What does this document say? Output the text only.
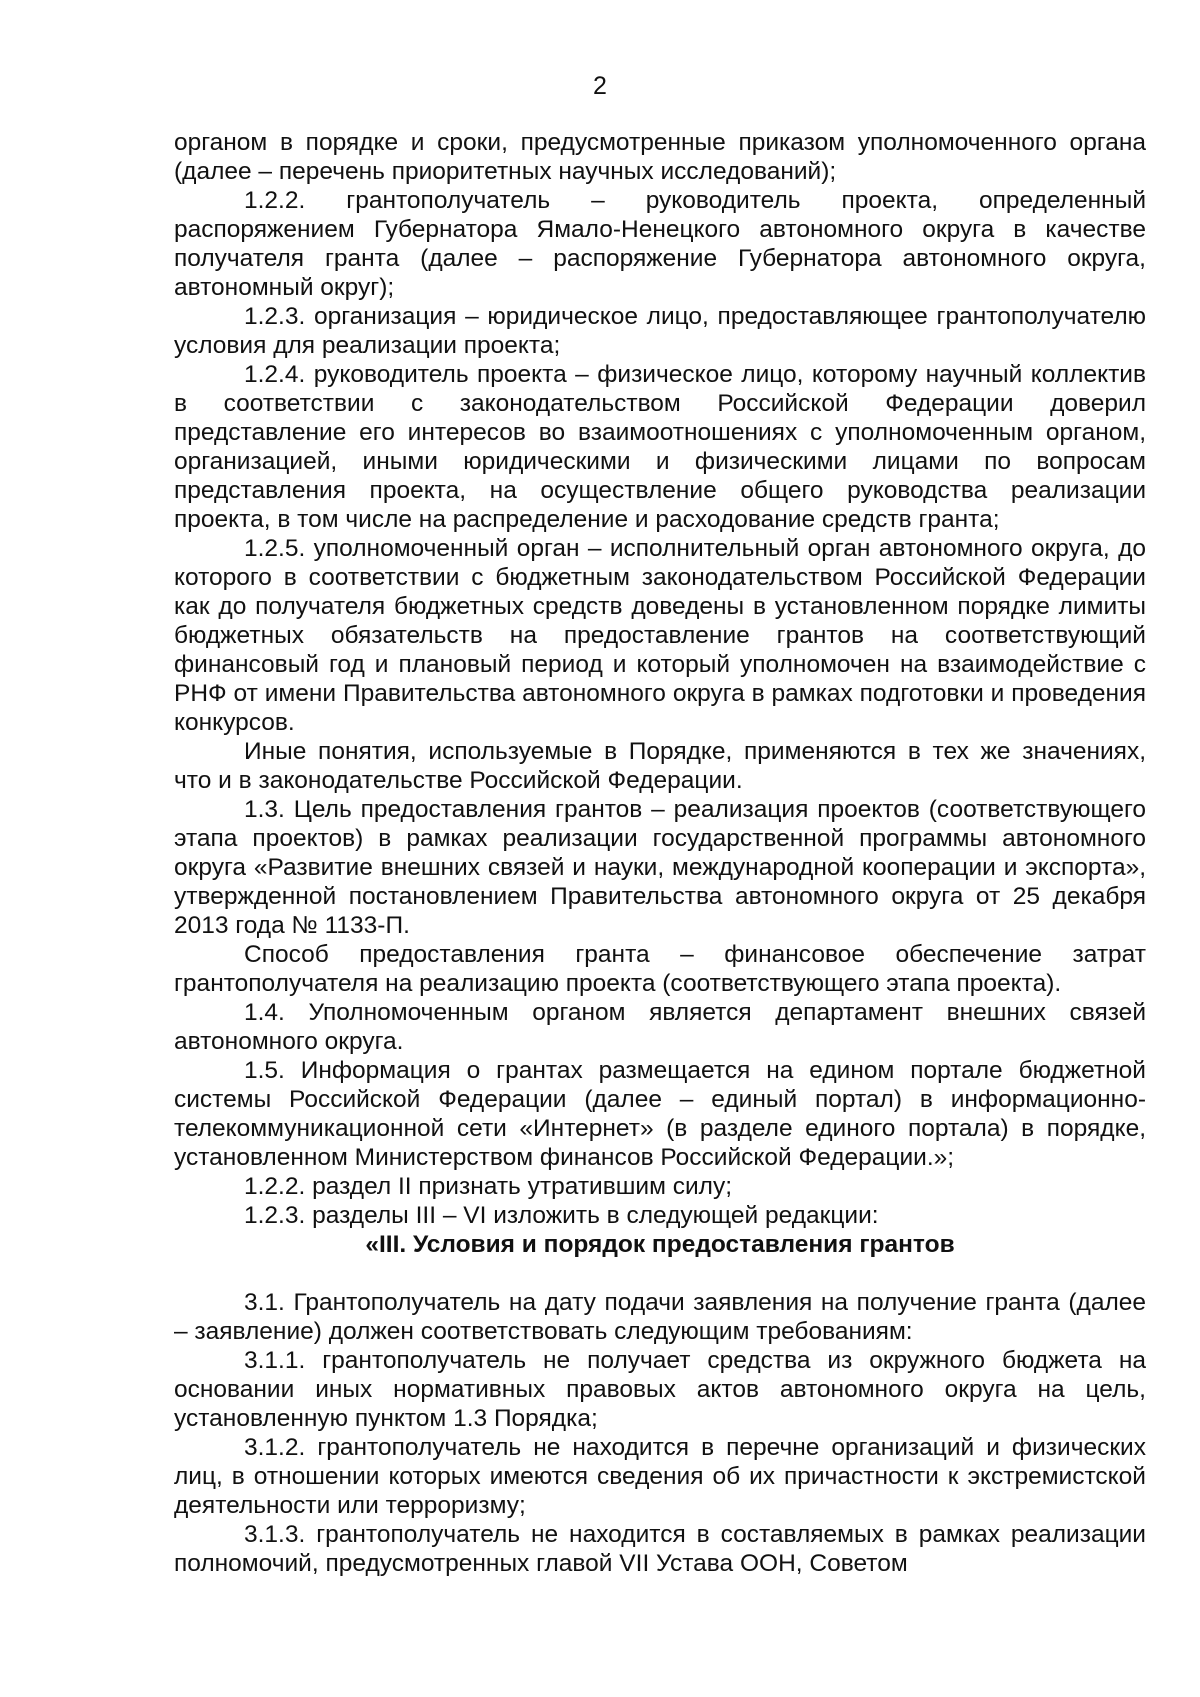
2

органом в порядке и сроки, предусмотренные приказом уполномоченного органа (далее – перечень приоритетных научных исследований);

1.2.2. грантополучатель – руководитель проекта, определенный распоряжением Губернатора Ямало-Ненецкого автономного округа в качестве получателя гранта (далее – распоряжение Губернатора автономного округа, автономный округ);

1.2.3. организация – юридическое лицо, предоставляющее грантополучателю условия для реализации проекта;

1.2.4. руководитель проекта – физическое лицо, которому научный коллектив в соответствии с законодательством Российской Федерации доверил представление его интересов во взаимоотношениях с уполномоченным органом, организацией, иными юридическими и физическими лицами по вопросам представления проекта, на осуществление общего руководства реализации проекта, в том числе на распределение и расходование средств гранта;

1.2.5. уполномоченный орган – исполнительный орган автономного округа, до которого в соответствии с бюджетным законодательством Российской Федерации как до получателя бюджетных средств доведены в установленном порядке лимиты бюджетных обязательств на предоставление грантов на соответствующий финансовый год и плановый период и который уполномочен на взаимодействие с РНФ от имени Правительства автономного округа в рамках подготовки и проведения конкурсов.

Иные понятия, используемые в Порядке, применяются в тех же значениях, что и в законодательстве Российской Федерации.

1.3. Цель предоставления грантов – реализация проектов (соответствующего этапа проектов) в рамках реализации государственной программы автономного округа «Развитие внешних связей и науки, международной кооперации и экспорта», утвержденной постановлением Правительства автономного округа от 25 декабря 2013 года № 1133-П.

Способ предоставления гранта – финансовое обеспечение затрат грантополучателя на реализацию проекта (соответствующего этапа проекта).

1.4. Уполномоченным органом является департамент внешних связей автономного округа.

1.5. Информация о грантах размещается на едином портале бюджетной системы Российской Федерации (далее – единый портал) в информационно-телекоммуникационной сети «Интернет» (в разделе единого портала) в порядке, установленном Министерством финансов Российской Федерации.»;

1.2.2. раздел II признать утратившим силу;

1.2.3. разделы III – VI изложить в следующей редакции:

«III. Условия и порядок предоставления грантов

3.1. Грантополучатель на дату подачи заявления на получение гранта (далее – заявление) должен соответствовать следующим требованиям:

3.1.1. грантополучатель не получает средства из окружного бюджета на основании иных нормативных правовых актов автономного округа на цель, установленную пунктом 1.3 Порядка;

3.1.2. грантополучатель не находится в перечне организаций и физических лиц, в отношении которых имеются сведения об их причастности к экстремистской деятельности или терроризму;

3.1.3. грантополучатель не находится в составляемых в рамках реализации полномочий, предусмотренных главой VII Устава ООН, Советом
